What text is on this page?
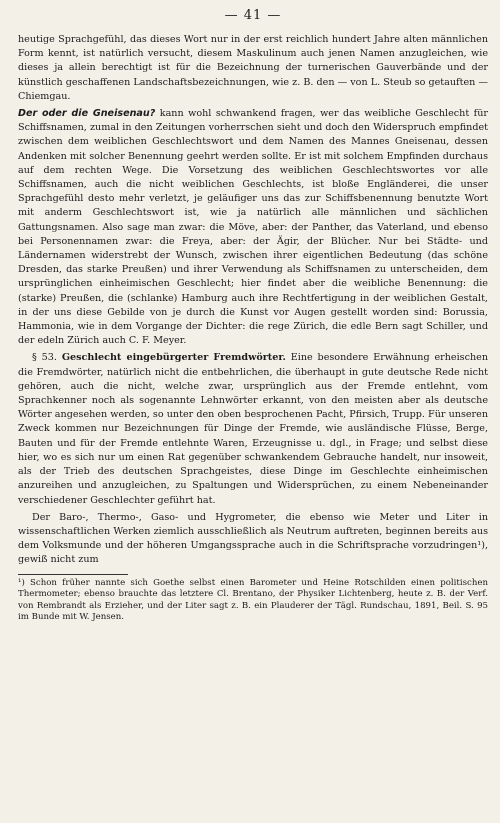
— 41 —

heutige Sprachgefühl, das dieses Wort nur in der erst reichlich hundert Jahre alten männlichen Form kennt, ist natürlich versucht, diesem Maskulinum auch jenen Namen anzugleichen, wie dieses ja allein berechtigt ist für die Bezeichnung der turnerischen Gauverbände und der künstlich geschaffenen Landschaftsbezeichnungen, wie z. B. den — von L. Steub so getauften — Chiemgau.

Der oder die Gneisenau? kann wohl schwankend fragen, wer das weibliche Geschlecht für Schiffsnamen, zumal in den Zeitungen vorherrschen sieht und doch den Widerspruch empfindet zwischen dem weiblichen Geschlechtswort und dem Namen des Mannes Gneisenau, dessen Andenken mit solcher Benennung geehrt werden sollte. Er ist mit solchem Empfinden durchaus auf dem rechten Wege. Die Vorsetzung des weiblichen Geschlechtswortes vor alle Schiffsnamen, auch die nicht weiblichen Geschlechts, ist bloße Engländerei, die unser Sprachgefühl desto mehr verletzt, je geläufiger uns das zur Schiffsbenennung benutzte Wort mit anderm Geschlechtswort ist, wie ja natürlich alle männlichen und sächlichen Gattungsnamen. Also sage man zwar: die Möve, aber: der Panther, das Vaterland, und ebenso bei Personennamen zwar: die Freya, aber: der Ägir, der Blücher. Nur bei Städte- und Ländernamen widerstrebt der Wunsch, zwischen ihrer eigentlichen Bedeutung (das schöne Dresden, das starke Preußen) und ihrer Verwendung als Schiffsnamen zu unterscheiden, dem ursprünglichen einheimischen Geschlecht; hier findet aber die weibliche Benennung: die (starke) Preußen, die (schlanke) Hamburg auch ihre Rechtfertigung in der weiblichen Gestalt, in der uns diese Gebilde von je durch die Kunst vor Augen gestellt worden sind: Borussia, Hammonia, wie in dem Vorgange der Dichter: die rege Zürich, die edle Bern sagt Schiller, und der edeln Zürich auch C. F. Meyer.

§ 53. Geschlecht eingebürgerter Fremdwörter. Eine besondere Erwähnung erheischen die Fremdwörter, natürlich nicht die entbehrlichen, die überhaupt in gute deutsche Rede nicht gehören, auch die nicht, welche zwar, ursprünglich aus der Fremde entlehnt, vom Sprachkenner noch als sogenannte Lehnwörter erkannt, von den meisten aber als deutsche Wörter angesehen werden, so unter den oben besprochenen Pacht, Pfirsich, Trupp. Für unseren Zweck kommen nur Bezeichnungen für Dinge der Fremde, wie ausländische Flüsse, Berge, Bauten und für der Fremde entlehnte Waren, Erzeugnisse u. dgl., in Frage; und selbst diese hier, wo es sich nur um einen Rat gegenüber schwankendem Gebrauche handelt, nur insoweit, als der Trieb des deutschen Sprachgeistes, diese Dinge im Geschlechte einheimischen anzureihen und anzugleichen, zu Spaltungen und Widersprüchen, zu einem Nebeneinander verschiedener Geschlechter geführt hat.

Der Baro-, Thermo-, Gaso- und Hygrometer, die ebenso wie Meter und Liter in wissenschaftlichen Werken ziemlich ausschließlich als Neutrum auftreten, beginnen bereits aus dem Volksmunde und der höheren Umgangssprache auch in die Schriftsprache vorzudringen¹), gewiß nicht zum

¹) Schon früher nannte sich Goethe selbst einen Barometer und Heine Rotschilden einen politischen Thermometer; ebenso brauchte das letztere Cl. Brentano, der Physiker Lichtenberg, heute z. B. der Verf. von Rembrandt als Erzieher, und der Liter sagt z. B. ein Plauderer der Tägl. Rundschau, 1891, Beil. S. 95 im Bunde mit W. Jensen.
